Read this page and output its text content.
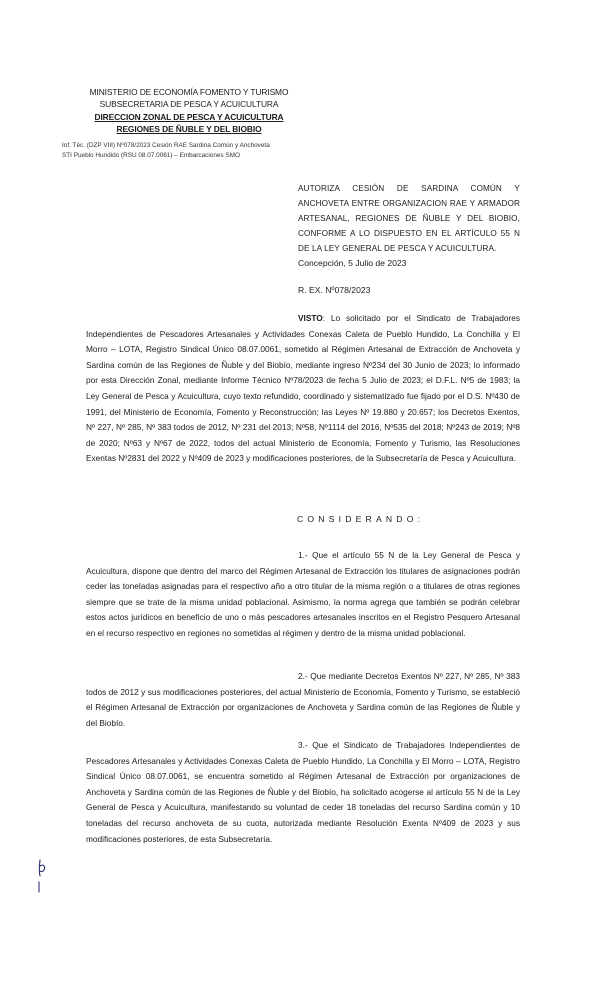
MINISTERIO DE ECONOMÍA FOMENTO Y TURISMO
SUBSECRETARIA DE PESCA Y ACUICULTURA
DIRECCION ZONAL DE PESCA Y ACUICULTURA
REGIONES DE ÑUBLE Y DEL BIOBIO
Inf. Téc. (DZP VIII) Nº078/2023 Cesión RAE Sardina Común y Anchoveta
STI Pueblo Hundido (RSU 08.07.0061) – Embarcaciones SMO
AUTORIZA CESIÓN DE SARDINA COMÚN Y ANCHOVETA ENTRE ORGANIZACION RAE Y ARMADOR ARTESANAL, REGIONES DE ÑUBLE Y DEL BIOBIO, CONFORME A LO DISPUESTO EN EL ARTÍCULO 55 N DE LA LEY GENERAL DE PESCA Y ACUICULTURA.
Concepción, 5 Julio de 2023
R. EX. Nº078/2023
VISTO: Lo solicitado por el Sindicato de Trabajadores Independientes de Pescadores Artesanales y Actividades Conexas Caleta de Pueblo Hundido, La Conchilla y El Morro – LOTA, Registro Sindical Único 08.07.0061, sometido al Régimen Artesanal de Extracción de Anchoveta y Sardina común de las Regiones de Ñuble y del Biobío, mediante ingreso Nº234 del 30 Junio de 2023; lo informado por esta Dirección Zonal, mediante Informe Técnico Nº78/2023 de fecha 5 Julio de 2023; el D.F.L. Nº5 de 1983; la Ley General de Pesca y Acuicultura, cuyo texto refundido, coordinado y sistematizado fue fijado por el D.S. Nº430 de 1991, del Ministerio de Economía, Fomento y Reconstrucción; las Leyes Nº 19.880 y 20.657; los Decretos Exentos, Nº 227, Nº 285, Nº 383 todos de 2012, Nº 231 del 2013; Nº58, Nº1114 del 2016, Nº535 del 2018; Nº243 de 2019; Nº8 de 2020; Nº63 y Nº67 de 2022, todos del actual Ministerio de Economía, Fomento y Turismo, las Resoluciones Exentas Nº2831 del 2022 y Nº409 de 2023 y modificaciones posteriores, de la Subsecretaría de Pesca y Acuicultura.
CONSIDERANDO:
1.- Que el artículo 55 N de la Ley General de Pesca y Acuicultura, dispone que dentro del marco del Régimen Artesanal de Extracción los titulares de asignaciones podrán ceder las toneladas asignadas para el respectivo año a otro titular de la misma región o a titulares de otras regiones siempre que se trate de la misma unidad poblacional. Asimismo, la norma agrega que también se podrán celebrar estos actos jurídicos en beneficio de uno o más pescadores artesanales inscritos en el Registro Pesquero Artesanal en el recurso respectivo en regiones no sometidas al régimen y dentro de la misma unidad poblacional.
2.- Que mediante Decretos Exentos Nº 227, Nº 285, Nº 383 todos de 2012 y sus modificaciones posteriores, del actual Ministerio de Economía, Fomento y Turismo, se estableció el Régimen Artesanal de Extracción por organizaciones de Anchoveta y Sardina común de las Regiones de Ñuble y del Biobío.
3.- Que el Sindicato de Trabajadores Independientes de Pescadores Artesanales y Actividades Conexas Caleta de Pueblo Hundido, La Conchilla y El Morro – LOTA, Registro Sindical Único 08.07.0061, se encuentra sometido al Régimen Artesanal de Extracción por organizaciones de Anchoveta y Sardina común de las Regiones de Ñuble y del Biobío, ha solicitado acogerse al artículo 55 N de la Ley General de Pesca y Acuicultura, manifestando su voluntad de ceder 18 toneladas del recurso Sardina común y 10 toneladas del recurso anchoveta de su cuota, autorizada mediante Resolución Exenta Nº409 de 2023 y sus modificaciones posteriores, de esta Subsecretaría.
